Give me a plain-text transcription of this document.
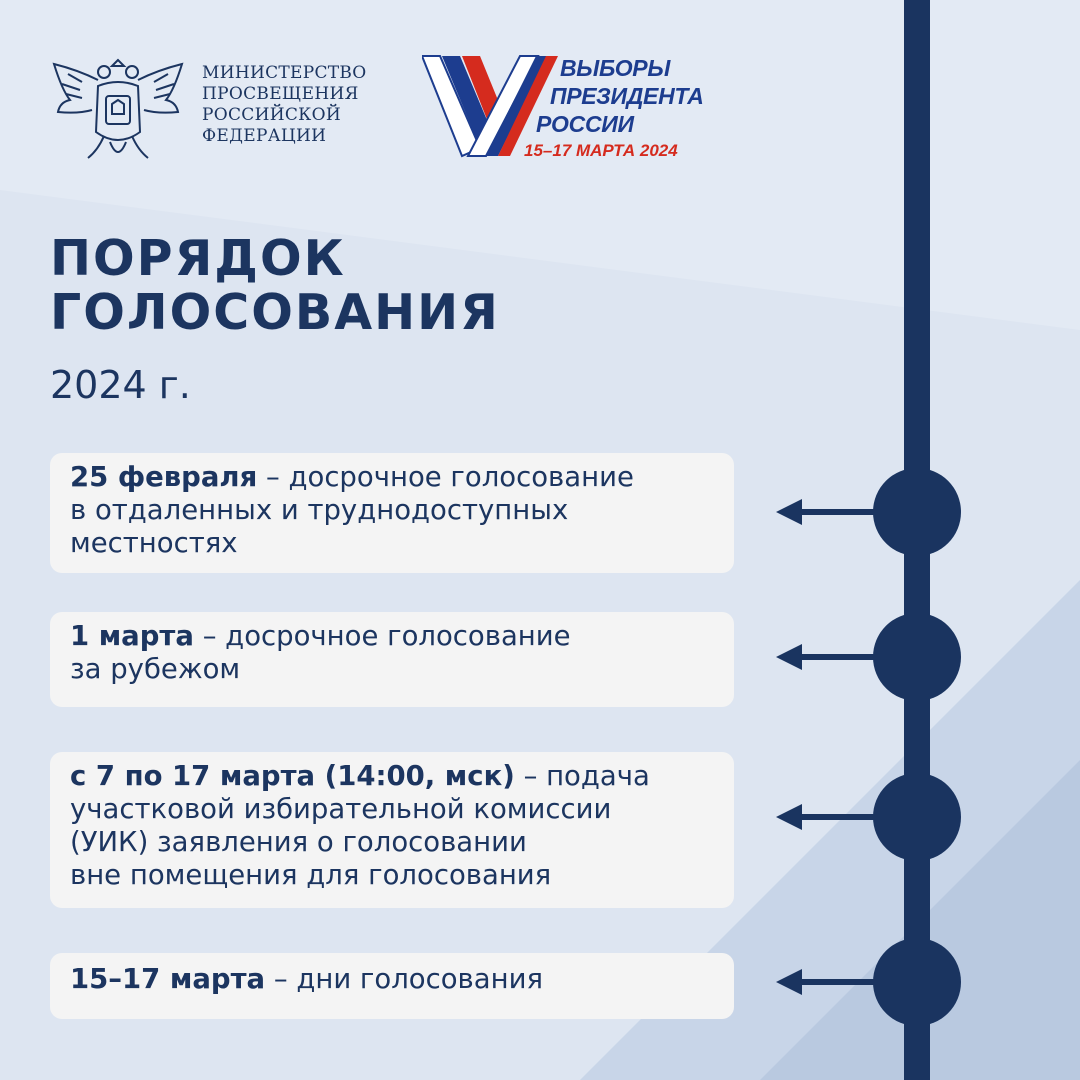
МИНИСТЕРСТВО
ПРОСВЕЩЕНИЯ
РОССИЙСКОЙ
ФЕДЕРАЦИИ
ВЫБОРЫ
ПРЕЗИДЕНТА
РОССИИ
15–17 МАРТА 2024
ПОРЯДОК
ГОЛОСОВАНИЯ
2024 г.
25 февраля – досрочное голосование
в отдаленных и труднодоступных
местностях
1 марта – досрочное голосование
за рубежом
с 7 по 17 марта (14:00, мск) – подача
участковой избирательной комиссии
(УИК) заявления о голосовании
вне помещения для голосования
15–17 марта – дни голосования
